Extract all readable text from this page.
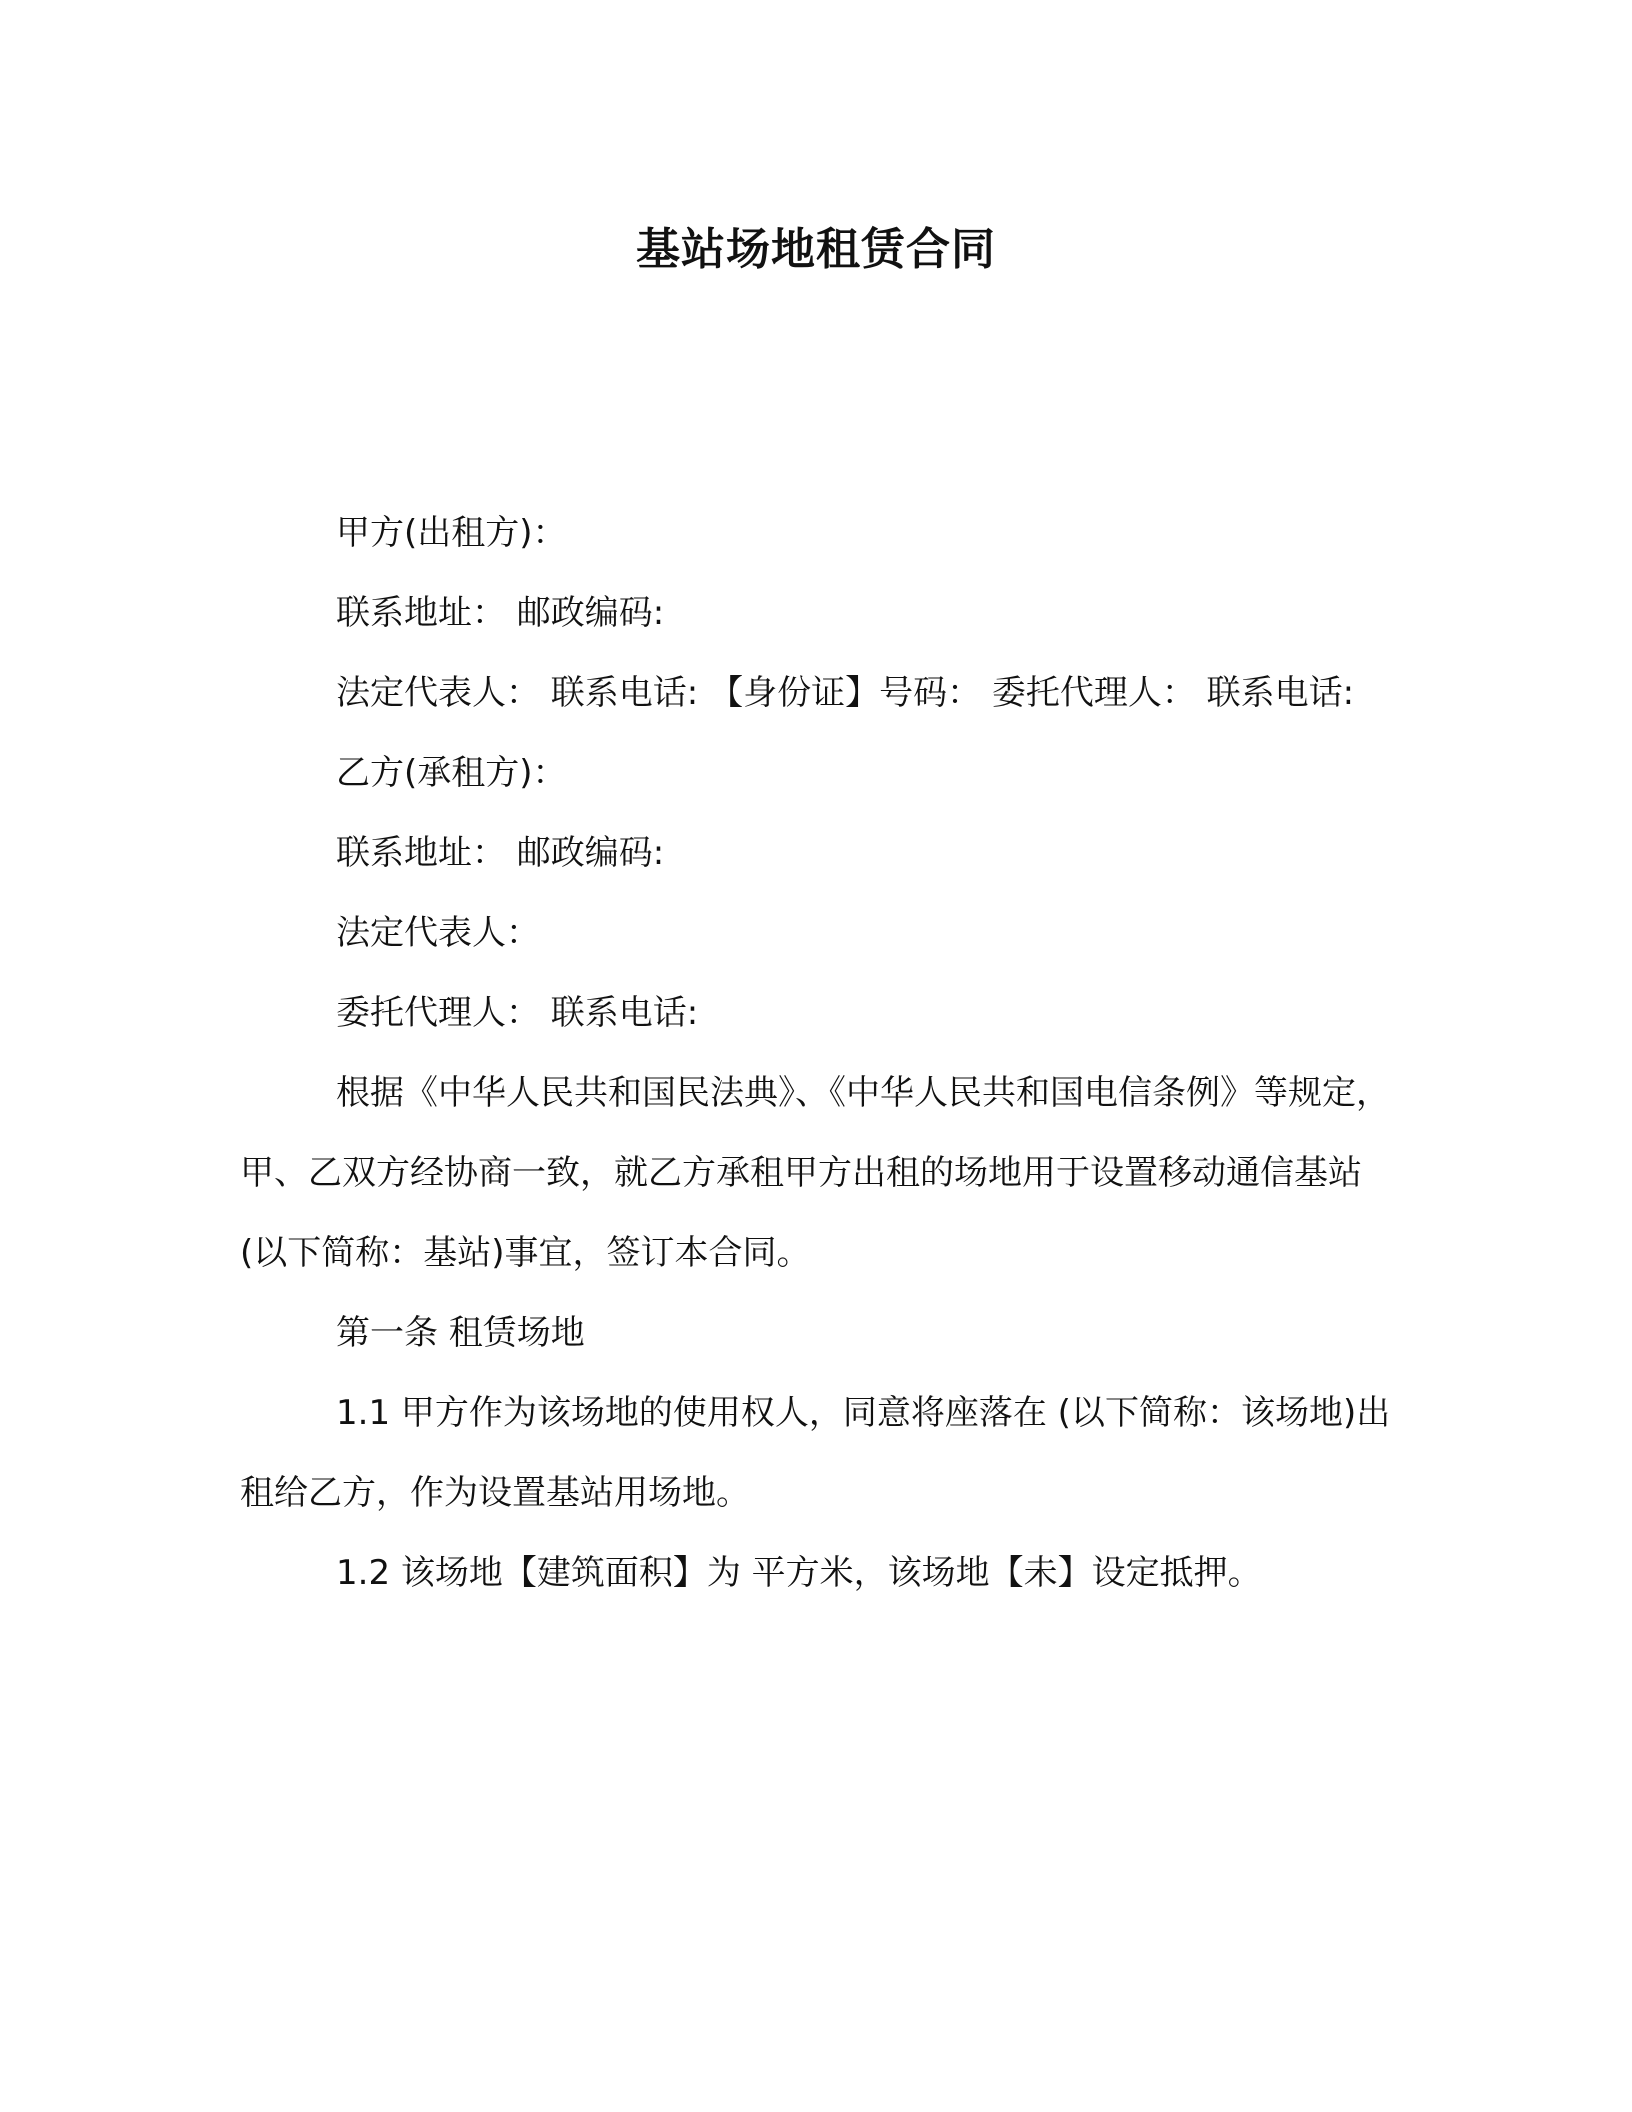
基站场地租赁合同

甲方(出租方)：

联系地址： 邮政编码:

法定代表人： 联系电话: 【身份证】号码： 委托代理人： 联系电话:

乙方(承租方)：

联系地址： 邮政编码:

法定代表人：

委托代理人： 联系电话:

根据《中华人民共和国民法典》、《中华人民共和国电信条例》等规定，甲、乙双方经协商一致，就乙方承租甲方出租的场地用于设置移动通信基站(以下简称：基站)事宜，签订本合同。

第一条 租赁场地

1.1 甲方作为该场地的使用权人，同意将座落在 (以下简称：该场地)出租给乙方，作为设置基站用场地。

1.2 该场地【建筑面积】为 平方米，该场地【未】设定抵押。
